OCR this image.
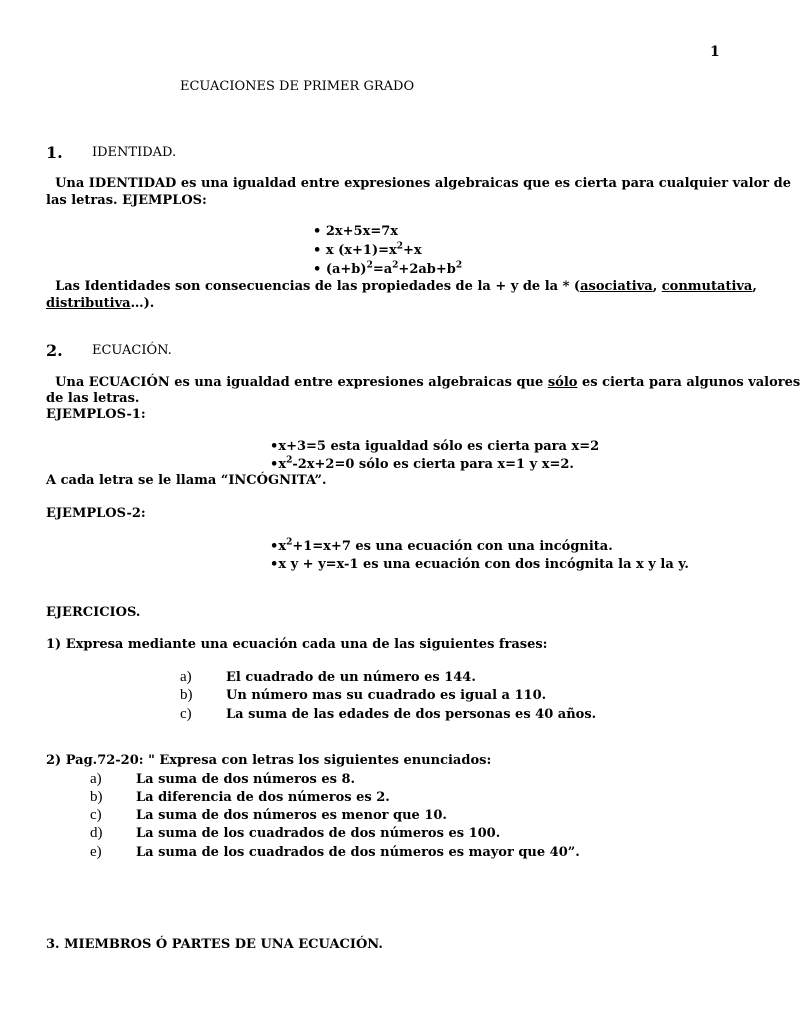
1
ECUACIONES DE PRIMER GRADO
1. IDENTIDAD.
Una IDENTIDAD es una igualdad entre expresiones algebraicas que es cierta para cualquier valor de
las letras. EJEMPLOS:
• 2x+5x=7x
• x $(x+1)=x^2+x$
• $(a+b)^2=a^2+2ab+b^2$
Las Identidades son consecuencias de las propiedades de la + y de la * (asociativa, conmutativa,
distributiva…).
2. ECUACIÓN.
Una ECUACIÓN es una igualdad entre expresiones algebraicas que sólo es cierta para algunos valores
de las letras.
EJEMPLOS-1:
•x+3=5 esta igualdad sólo es cierta para x=2
$•x^2-2x+2=0$ sólo es cierta para x=1 y x=2.
A cada letra se le llama “INCÓGNITA”.
EJEMPLOS-2:
$•x^2+1=x+7$ es una ecuación con una incógnita.
•x y + y=x-1 es una ecuación con dos incógnita la x y la y.
EJERCICIOS.
1) Expresa mediante una ecuación cada una de las siguientes frases:
a)	El cuadrado de un número es 144.
b)	Un número mas su cuadrado es igual a 110.
c)	La suma de las edades de dos personas es 40 años.
2) Pag.72-20: " Expresa con letras los siguientes enunciados:
a)	La suma de dos números es 8.
b)	La diferencia de dos números es 2.
c)	La suma de dos números es menor que 10.
d)	La suma de los cuadrados de dos números es 100.
e)	La suma de los cuadrados de dos números es mayor que 40”.
3. MIEMBROS Ó PARTES DE UNA ECUACIÓN.
